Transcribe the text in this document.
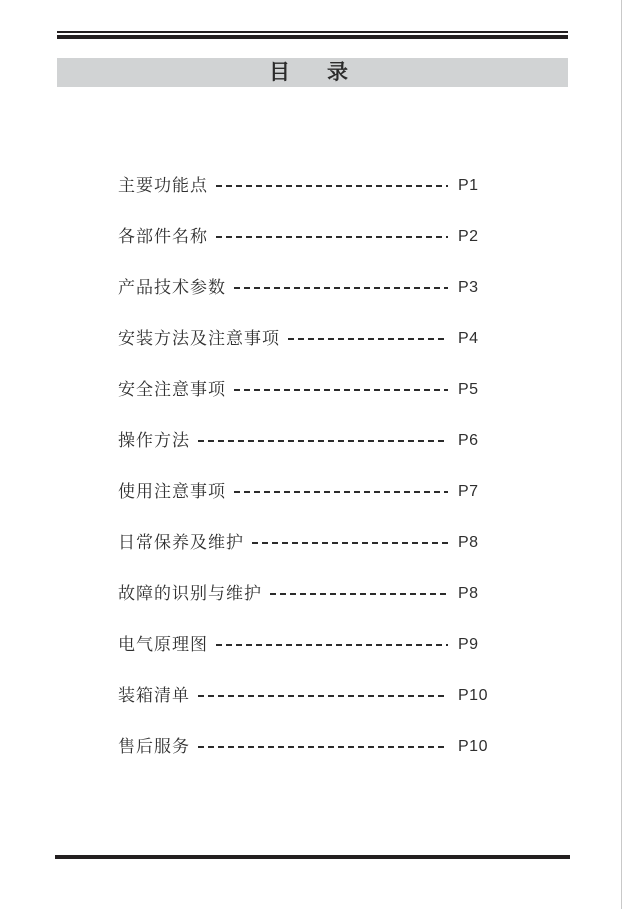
目　录
主要功能点	P1
各部件名称	P2
产品技术参数	P3
安装方法及注意事项	P4
安全注意事项	P5
操作方法	P6
使用注意事项	P7
日常保养及维护	P8
故障的识别与维护	P8
电气原理图	P9
装箱清单	P10
售后服务	P10
